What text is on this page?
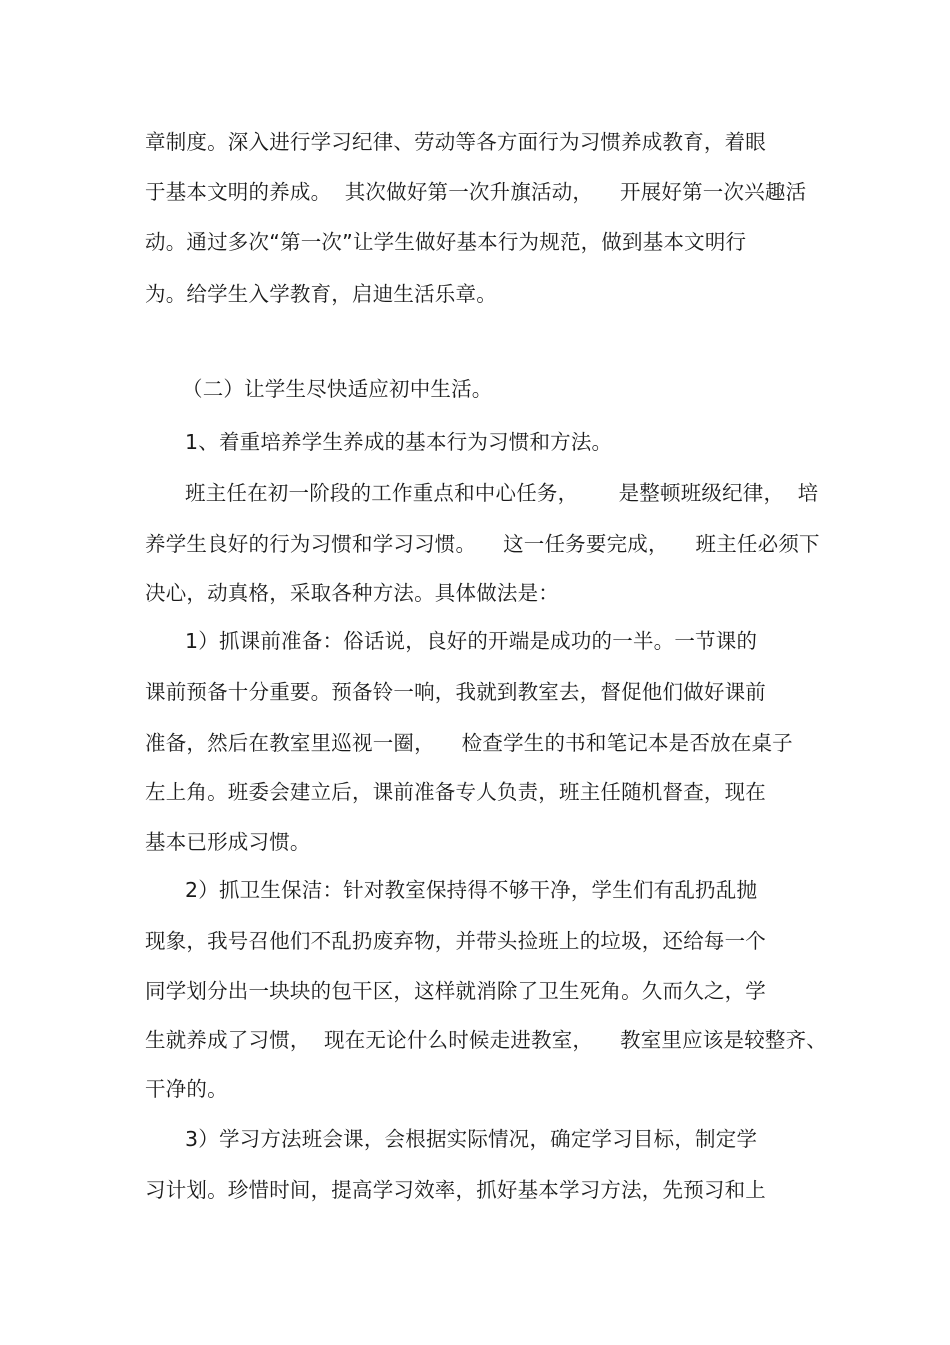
章制度。深入进行学习纪律、劳动等各方面行为习惯养成教育，着眼
于基本文明的养成。  其次做好第一次升旗活动，    开展好第一次兴趣活
动。通过多次“第一次”让学生做好基本行为规范，做到基本文明行
为。给学生入学教育，启迪生活乐章。
（二）让学生尽快适应初中生活。
1、着重培养学生养成的基本行为习惯和方法。
班主任在初一阶段的工作重点和中心任务，      是整顿班级纪律，  培
养学生良好的行为习惯和学习习惯。    这一任务要完成，    班主任必须下
决心，动真格，采取各种方法。具体做法是：
1）抓课前准备：俗话说，良好的开端是成功的一半。一节课的
课前预备十分重要。预备铃一响，我就到教室去，督促他们做好课前
准备，然后在教室里巡视一圈，    检查学生的书和笔记本是否放在桌子
左上角。班委会建立后，课前准备专人负责，班主任随机督查，现在
基本已形成习惯。
2）抓卫生保洁：针对教室保持得不够干净，学生们有乱扔乱抛
现象，我号召他们不乱扔废弃物，并带头捡班上的垃圾，还给每一个
同学划分出一块块的包干区，这样就消除了卫生死角。久而久之，学
生就养成了习惯，  现在无论什么时候走进教室，    教室里应该是较整齐、
干净的。
3）学习方法班会课，会根据实际情况，确定学习目标，制定学
习计划。珍惜时间，提高学习效率，抓好基本学习方法，先预习和上
